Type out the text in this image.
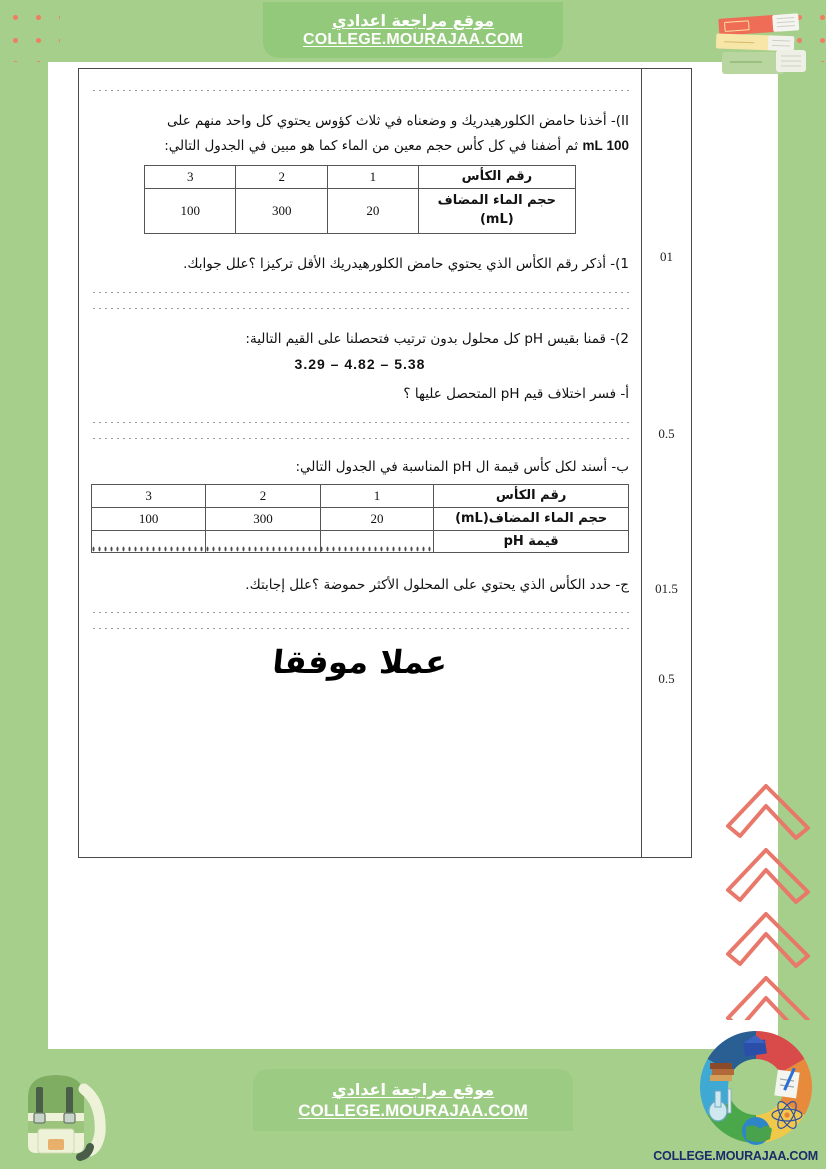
موقع مراجعة اعدادي
COLLEGE.MOURAJAA.COM
موقع مراجعة اعدادي
COLLEGE.MOURAJAA.COM
COLLEGE.MOURAJAA.COM

II)- أخذنا حامض الكلورهيدريك و وضعناه في ثلاث كؤوس يحتوي كل واحد منهم على
100 mL ثم أضفنا في كل كأس حجم معين من الماء كما هو مبين في الجدول التالي:

رقم الكأس	1	2	3
حجم الماء المضاف (mL)	20	300	100

1)- أذكر رقم الكأس الذي يحتوي حامض الكلورهيدريك الأقل تركيزا ؟علل جوابك.

2)- قمنا بقيس pH كل محلول بدون ترتيب فتحصلنا على القيم التالية:

5.38 – 4.82 – 3.29

أ- فسر اختلاف قيم pH المتحصل عليها ؟

ب- أسند لكل كأس قيمة ال pH المناسبة في الجدول التالي:

رقم الكأس	1	2	3
حجم الماء المضاف(mL)	20	300	100
قيمة pH			

ج- حدد الكأس الذي يحتوي على المحلول الأكثر حموضة ؟علل إجابتك.

عملا موفقا
01
0.5
01.5
0.5
